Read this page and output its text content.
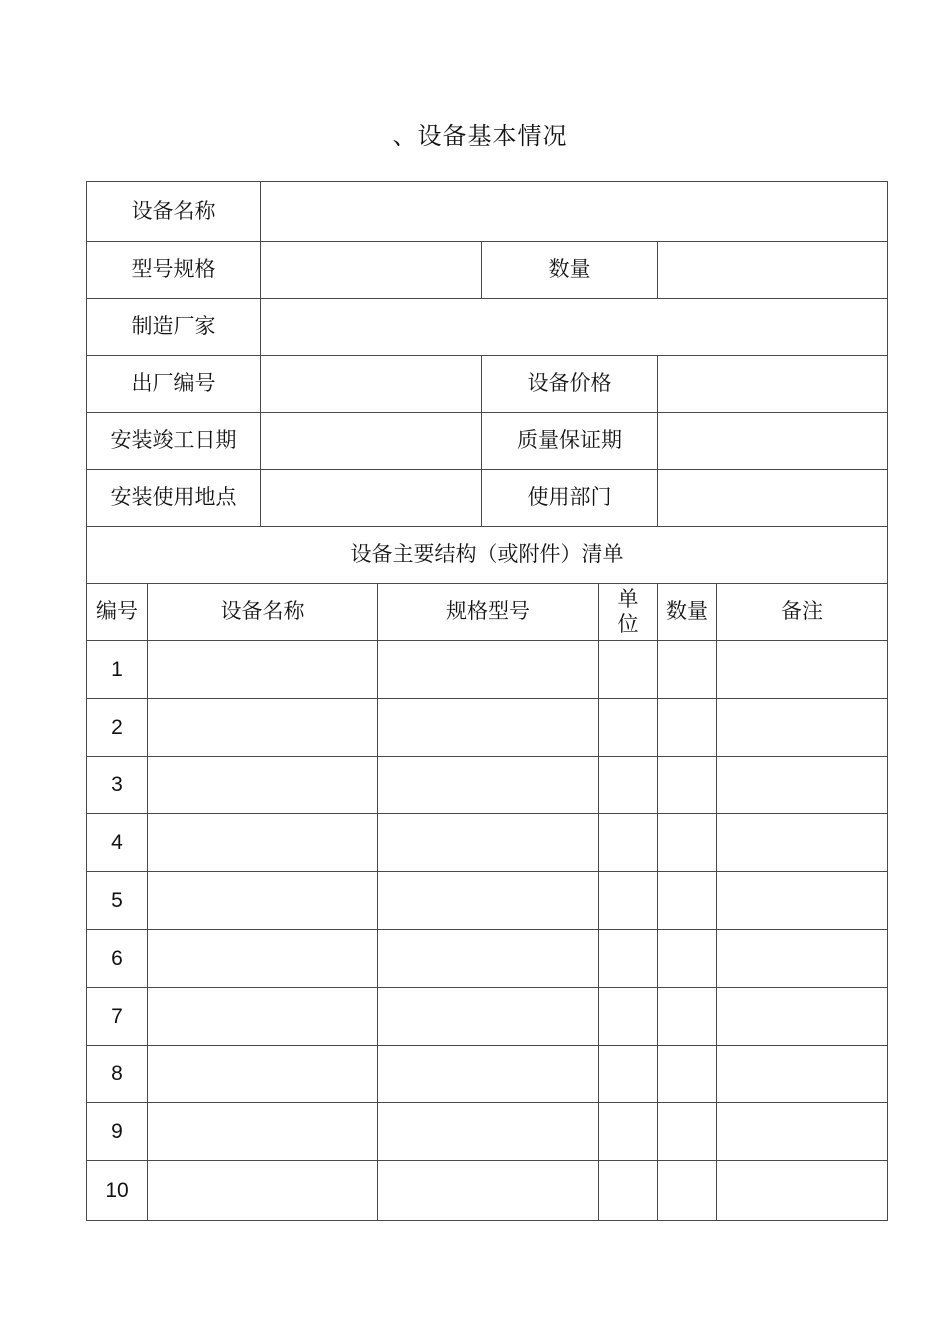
、设备基本情况
设备名称							
型号规格				数量			
制造厂家							
出厂编号				设备价格			
安装竣工日期				质量保证期			
安装使用地点				使用部门			
设备主要结构（或附件）清单							
编号	设备名称		规格型号		单
位	数量	备注
1							
2							
3							
4							
5							
6							
7							
8							
9							
10							
